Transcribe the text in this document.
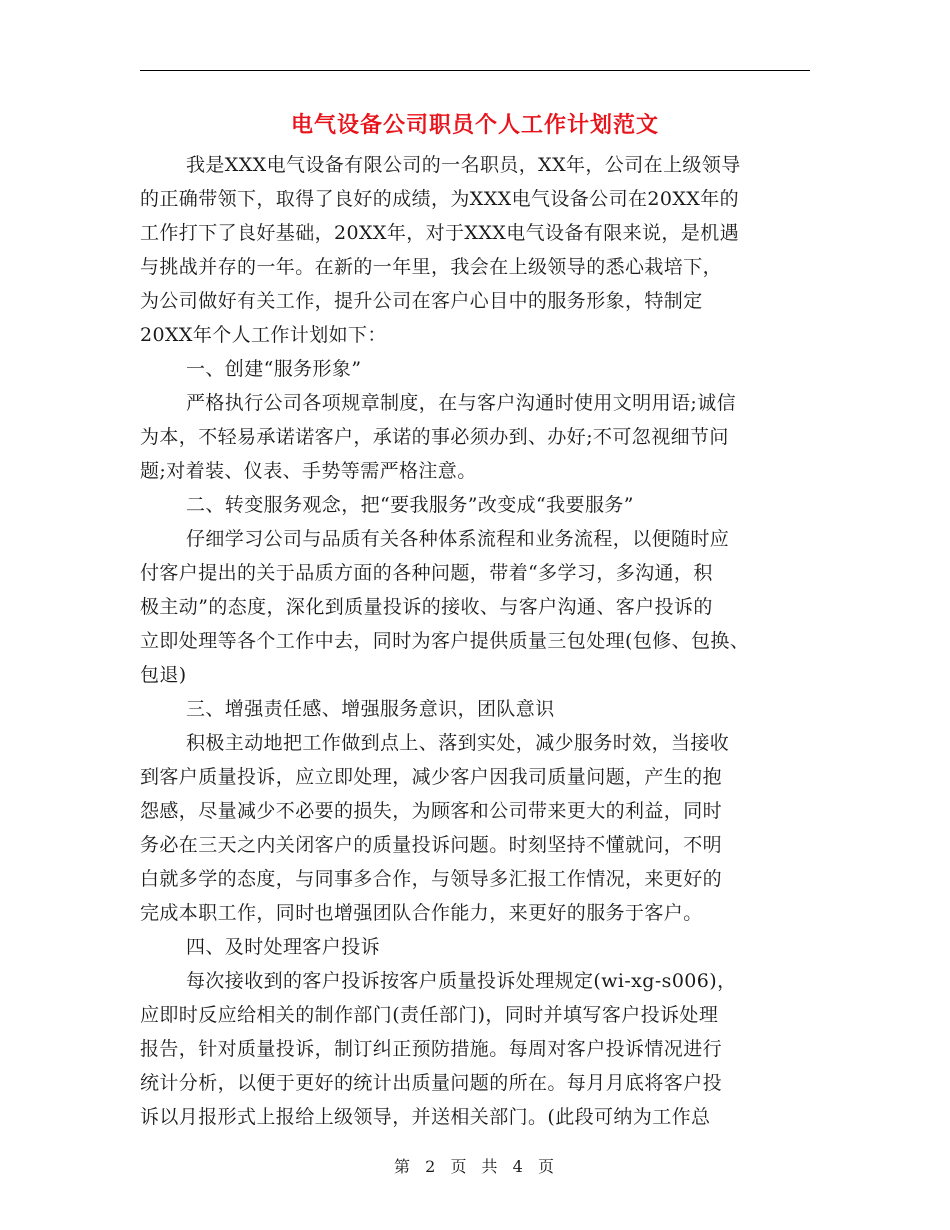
电气设备公司职员个人工作计划范文
我是XXX电气设备有限公司的一名职员，XX年，公司在上级领导
的正确带领下，取得了良好的成绩，为XXX电气设备公司在20XX年的
工作打下了良好基础，20XX年，对于XXX电气设备有限来说，是机遇
与挑战并存的一年。在新的一年里，我会在上级领导的悉心栽培下，
为公司做好有关工作，提升公司在客户心目中的服务形象，特制定
20XX年个人工作计划如下：
一、创建“服务形象”
严格执行公司各项规章制度，在与客户沟通时使用文明用语;诚信
为本，不轻易承诺诺客户，承诺的事必须办到、办好;不可忽视细节问
题;对着装、仪表、手势等需严格注意。
二、转变服务观念，把“要我服务”改变成“我要服务”
仔细学习公司与品质有关各种体系流程和业务流程，以便随时应
付客户提出的关于品质方面的各种问题，带着“多学习，多沟通，积
极主动”的态度，深化到质量投诉的接收、与客户沟通、客户投诉的
立即处理等各个工作中去，同时为客户提供质量三包处理(包修、包换、
包退)
三、增强责任感、增强服务意识，团队意识
积极主动地把工作做到点上、落到实处，减少服务时效，当接收
到客户质量投诉，应立即处理，减少客户因我司质量问题，产生的抱
怨感，尽量减少不必要的损失，为顾客和公司带来更大的利益，同时
务必在三天之内关闭客户的质量投诉问题。时刻坚持不懂就问，不明
白就多学的态度，与同事多合作，与领导多汇报工作情况，来更好的
完成本职工作，同时也增强团队合作能力，来更好的服务于客户。
四、及时处理客户投诉
每次接收到的客户投诉按客户质量投诉处理规定(wi-xg-s006)，
应即时反应给相关的制作部门(责任部门)，同时并填写客户投诉处理
报告，针对质量投诉，制订纠正预防措施。每周对客户投诉情况进行
统计分析，以便于更好的统计出质量问题的所在。每月月底将客户投
诉以月报形式上报给上级领导，并送相关部门。(此段可纳为工作总
第 2 页 共 4 页
